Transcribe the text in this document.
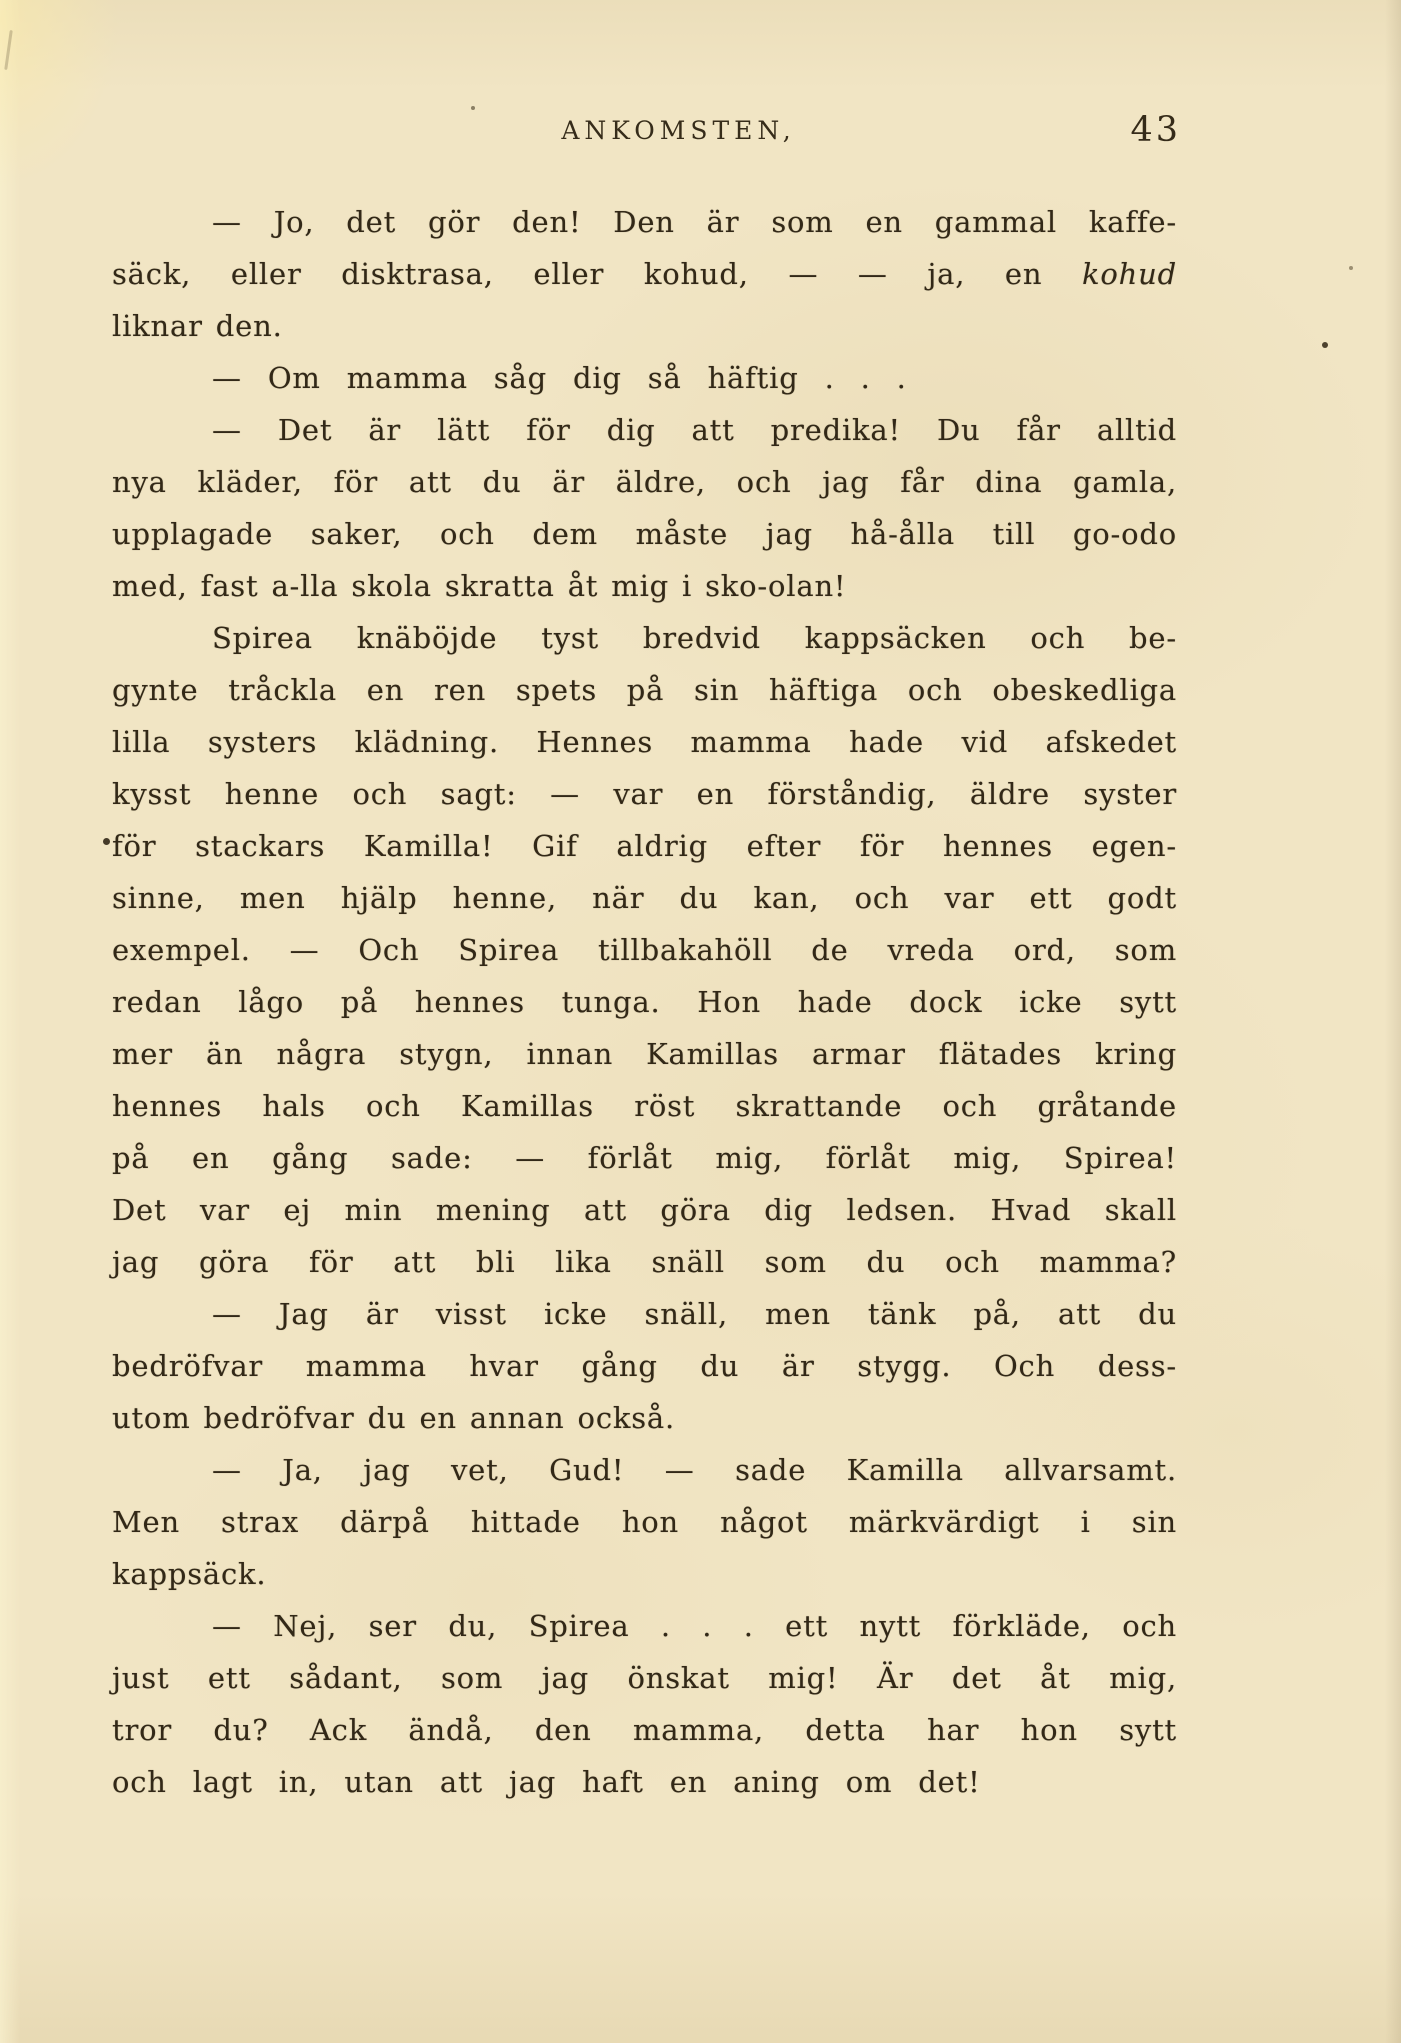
ANKOMSTEN,	43
— Jo, det gör den! Den är som en gammal kaffe-
säck, eller disktrasa, eller kohud, — — ja, en kohud
liknar den.
— Om mamma såg dig så häftig . . .
— Det är lätt för dig att predika! Du får alltid
nya kläder, för att du är äldre, och jag får dina gamla,
upplagade saker, och dem måste jag hå-ålla till go-odo
med, fast a-lla skola skratta åt mig i sko-olan!
Spirea knäböjde tyst bredvid kappsäcken och be-
gynte tråckla en ren spets på sin häftiga och obeskedliga
lilla systers klädning. Hennes mamma hade vid afskedet
kysst henne och sagt: — var en förståndig, äldre syster
för stackars Kamilla! Gif aldrig efter för hennes egen-
sinne, men hjälp henne, när du kan, och var ett godt
exempel. — Och Spirea tillbakahöll de vreda ord, som
redan lågo på hennes tunga. Hon hade dock icke sytt
mer än några stygn, innan Kamillas armar flätades kring
hennes hals och Kamillas röst skrattande och gråtande
på en gång sade: — förlåt mig, förlåt mig, Spirea!
Det var ej min mening att göra dig ledsen. Hvad skall
jag göra för att bli lika snäll som du och mamma?
— Jag är visst icke snäll, men tänk på, att du
bedröfvar mamma hvar gång du är stygg. Och dess-
utom bedröfvar du en annan också.
— Ja, jag vet, Gud! — sade Kamilla allvarsamt.
Men strax därpå hittade hon något märkvärdigt i sin
kappsäck.
— Nej, ser du, Spirea . . . ett nytt förkläde, och
just ett sådant, som jag önskat mig! Är det åt mig,
tror du? Ack ändå, den mamma, detta har hon sytt
och lagt in, utan att jag haft en aning om det!
